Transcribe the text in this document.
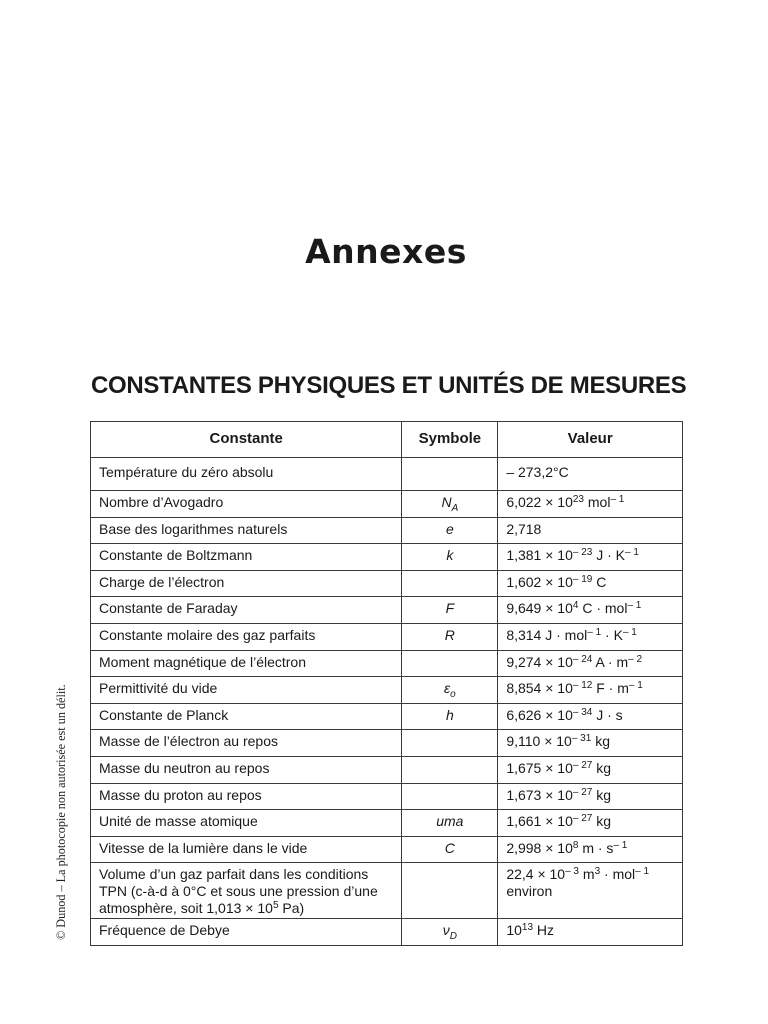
Annexes
CONSTANTES PHYSIQUES ET UNITÉS DE MESURES
© Dunod – La photocopie non autorisée est un délit.
Constante	Symbole	Valeur
Température du zéro absolu		– 273,2°C
Nombre d’Avogadro	$N_A$	$6,022 \times 10^{23}$ mol$^{- 1}$
Base des logarithmes naturels	e	2,718
Constante de Boltzmann	k	$1,381 \times 10^{- 23}$ $J \cdot K^{- 1}$
Charge de l’électron		$1,602 \times 10^{- 19}$ C
Constante de Faraday	F	$9,649 \times 10^4$ C · mol$^{- 1}$
Constante molaire des gaz parfaits	R	8,314 $J \cdot mol^{- 1} \cdot K^{- 1}$
Moment magnétique de l’électron		$9,274 \times 10^{- 24}$ $A \cdot m^{- 2}$
Permittivité du vide	$\varepsilon_o$	$8,854 \times 10^{- 12}$ $F \cdot m^{- 1}$
Constante de Planck	h	$6,626 \times 10^{- 34}$ J · s
Masse de l’électron au repos		$9,110 \times 10^{- 31}$ kg
Masse du neutron au repos		$1,675 \times 10^{- 27}$ kg
Masse du proton au repos		$1,673 \times 10^{- 27}$ kg
Unité de masse atomique	uma	$1,661 \times 10^{- 27}$ kg
Vitesse de la lumière dans le vide	C	$2,998 \times 10^8$ $m \cdot s^{- 1}$
Volume d’un gaz parfait dans les conditions TPN (c-à-d à 0°C et sous une pression d’une atmosphère, soit $1,013 \times 10^5$ Pa)		$22,4 \times 10^{- 3}$ $m^3 \cdot mol^{- 1}$ environ
Fréquence de Debye	$\nu_D$	$10^{13}$ Hz
